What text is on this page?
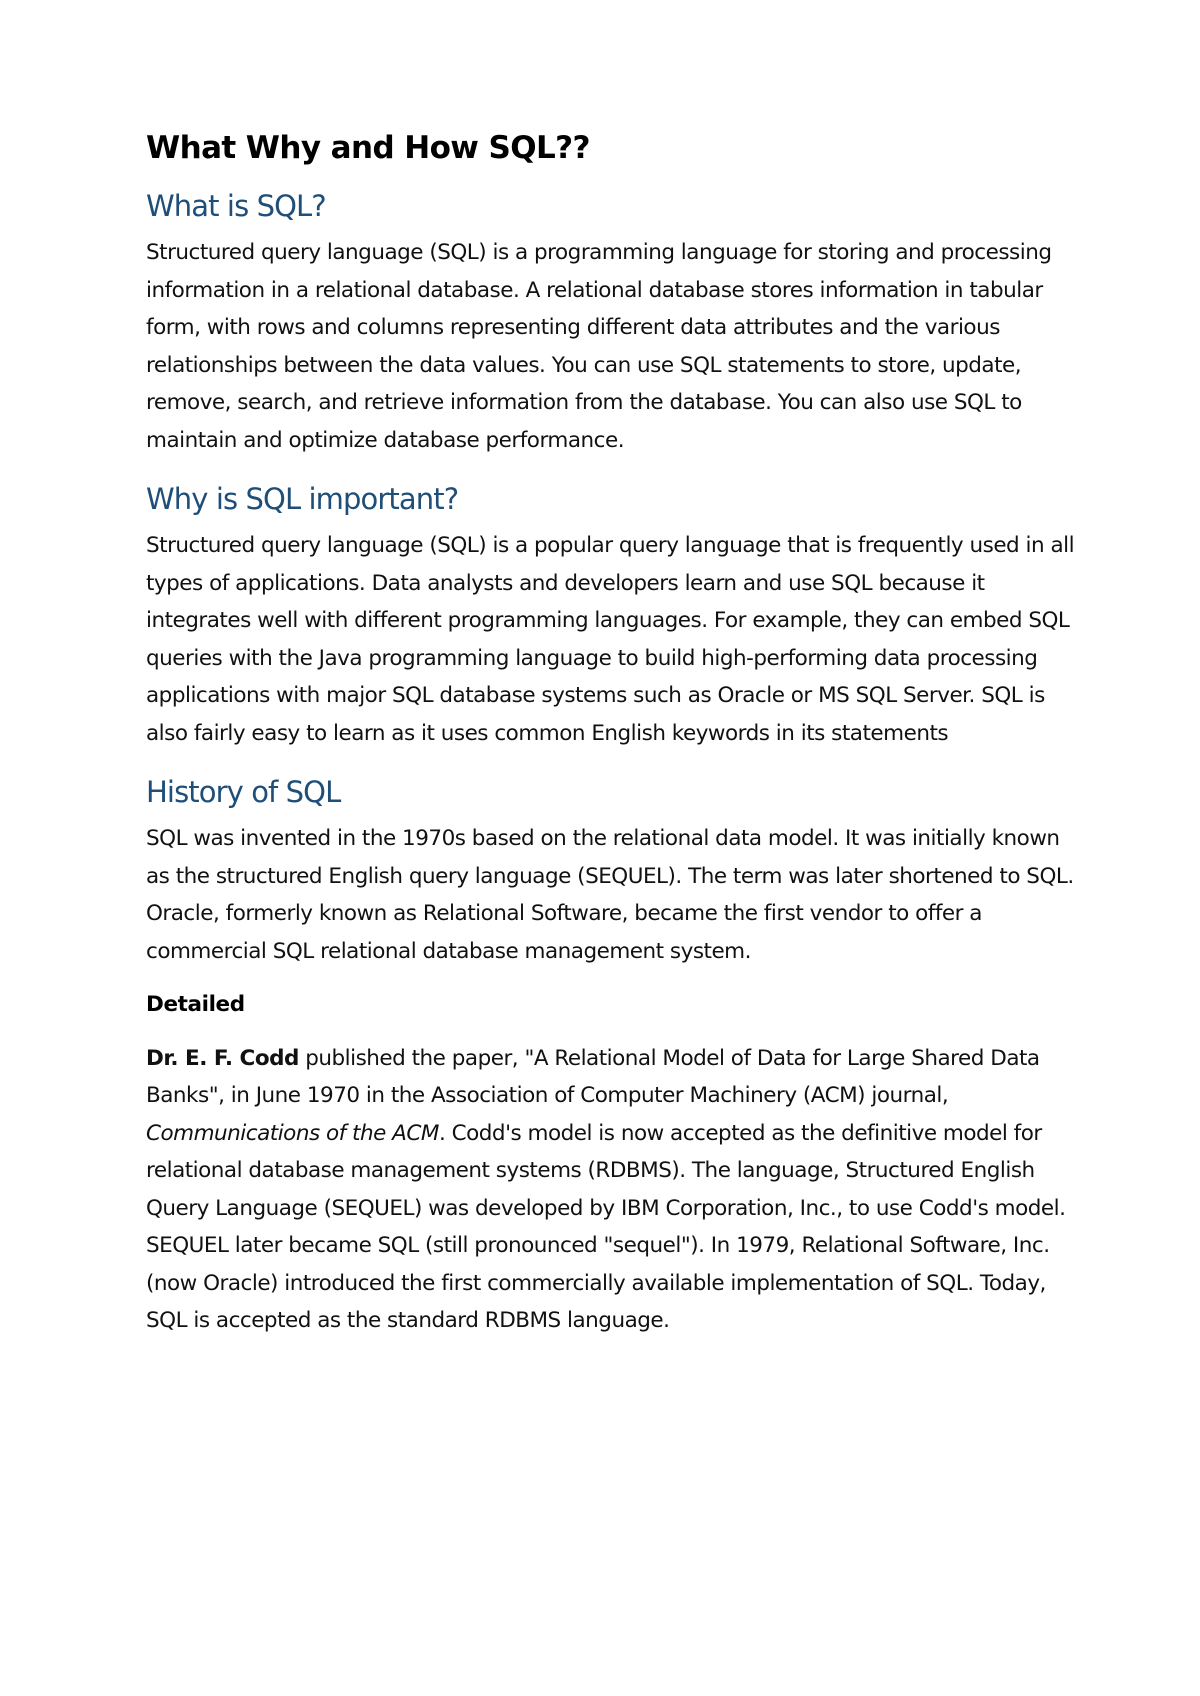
What Why and How SQL??
What is SQL?

Structured query language (SQL) is a programming language for storing and processing information in a relational database. A relational database stores information in tabular form, with rows and columns representing different data attributes and the various relationships between the data values. You can use SQL statements to store, update, remove, search, and retrieve information from the database. You can also use SQL to maintain and optimize database performance.

Why is SQL important?

Structured query language (SQL) is a popular query language that is frequently used in all types of applications. Data analysts and developers learn and use SQL because it integrates well with different programming languages. For example, they can embed SQL queries with the Java programming language to build high-performing data processing applications with major SQL database systems such as Oracle or MS SQL Server. SQL is also fairly easy to learn as it uses common English keywords in its statements

History of SQL

SQL was invented in the 1970s based on the relational data model. It was initially known as the structured English query language (SEQUEL). The term was later shortened to SQL. Oracle, formerly known as Relational Software, became the first vendor to offer a commercial SQL relational database management system.

Detailed

Dr. E. F. Codd published the paper, "A Relational Model of Data for Large Shared Data Banks", in June 1970 in the Association of Computer Machinery (ACM) journal, Communications of the ACM. Codd's model is now accepted as the definitive model for relational database management systems (RDBMS). The language, Structured English Query Language (SEQUEL) was developed by IBM Corporation, Inc., to use Codd's model. SEQUEL later became SQL (still pronounced "sequel"). In 1979, Relational Software, Inc. (now Oracle) introduced the first commercially available implementation of SQL. Today, SQL is accepted as the standard RDBMS language.
